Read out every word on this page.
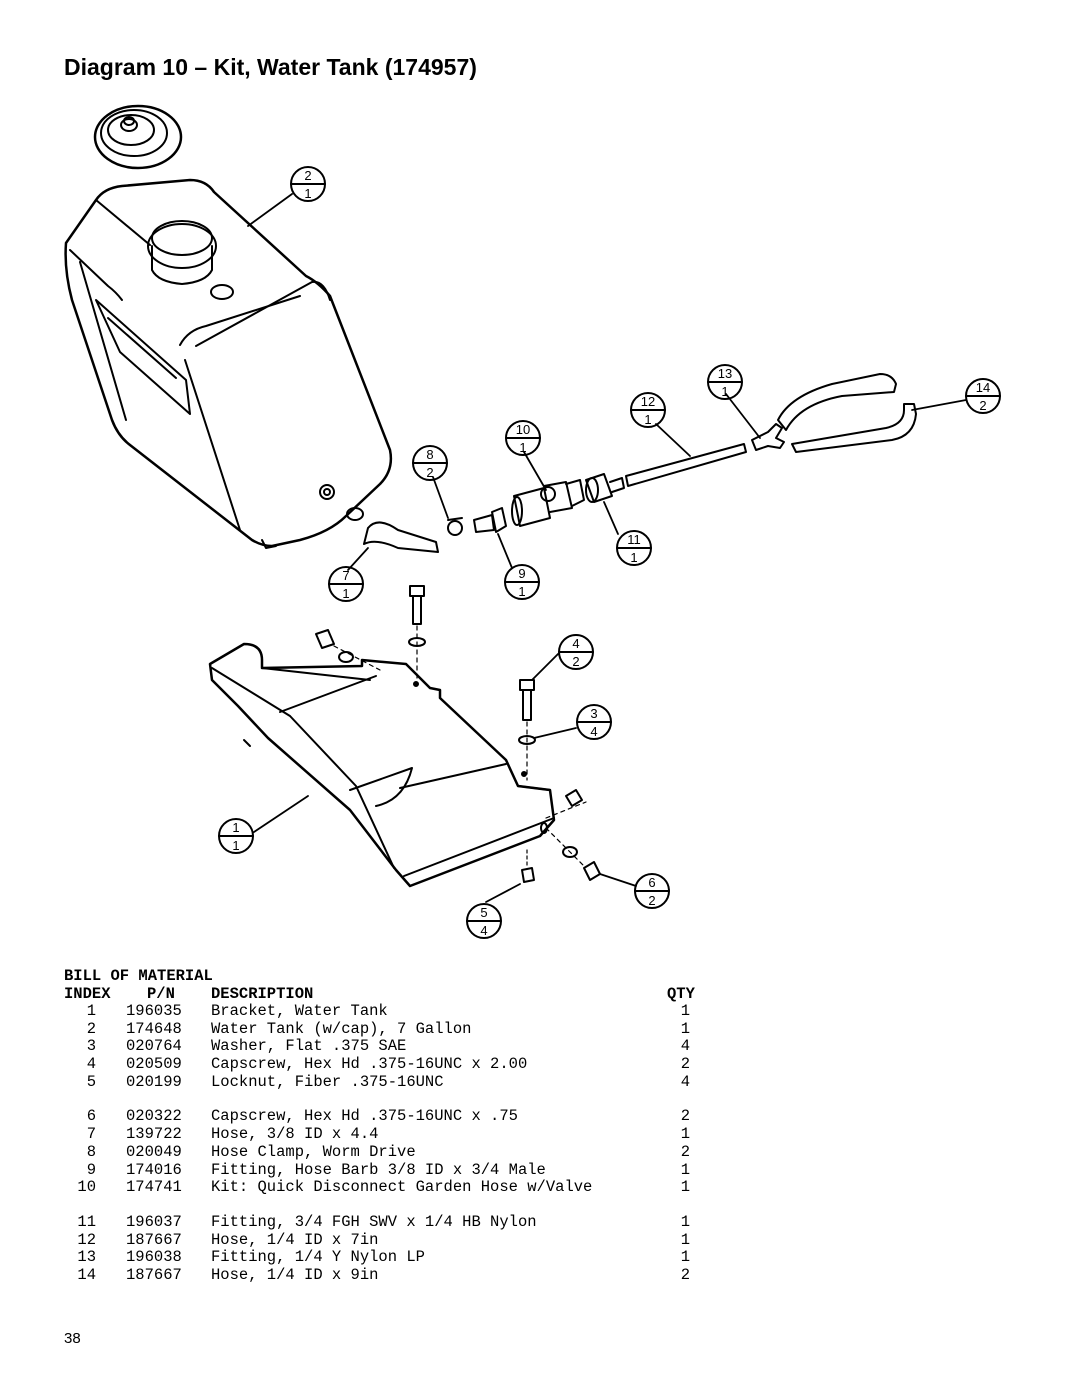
Diagram 10 – Kit, Water Tank (174957)
2
1
13
1	14
2
12
1
10
1
8
2
11
1
7
1
9
1
4
2
3
4
1
1
6
2
5
4
BILL OF MATERIAL
INDEX P/N DESCRIPTION	QTY
1 196035 Bracket, Water Tank	1
2 174648 Water Tank (w/cap), 7 Gallon	1
3 020764 Washer, Flat .375 SAE	4
4 020509 Capscrew, Hex Hd .375-16UNC x 2.00	2
5 020199 Locknut, Fiber .375-16UNC	4
6 020322 Capscrew, Hex Hd .375-16UNC x .75	2
7 139722 Hose, 3/8 ID x 4.4	1
8 020049 Hose Clamp, Worm Drive	2
9 174016 Fitting, Hose Barb 3/8 ID x 3/4 Male	1
10 174741 Kit: Quick Disconnect Garden Hose w/Valve	1
11 196037 Fitting, 3/4 FGH SWV x 1/4 HB Nylon	1
12 187667 Hose, 1/4 ID x 7in	1
13 196038 Fitting, 1/4 Y Nylon LP	1
14 187667 Hose, 1/4 ID x 9in	2
38
